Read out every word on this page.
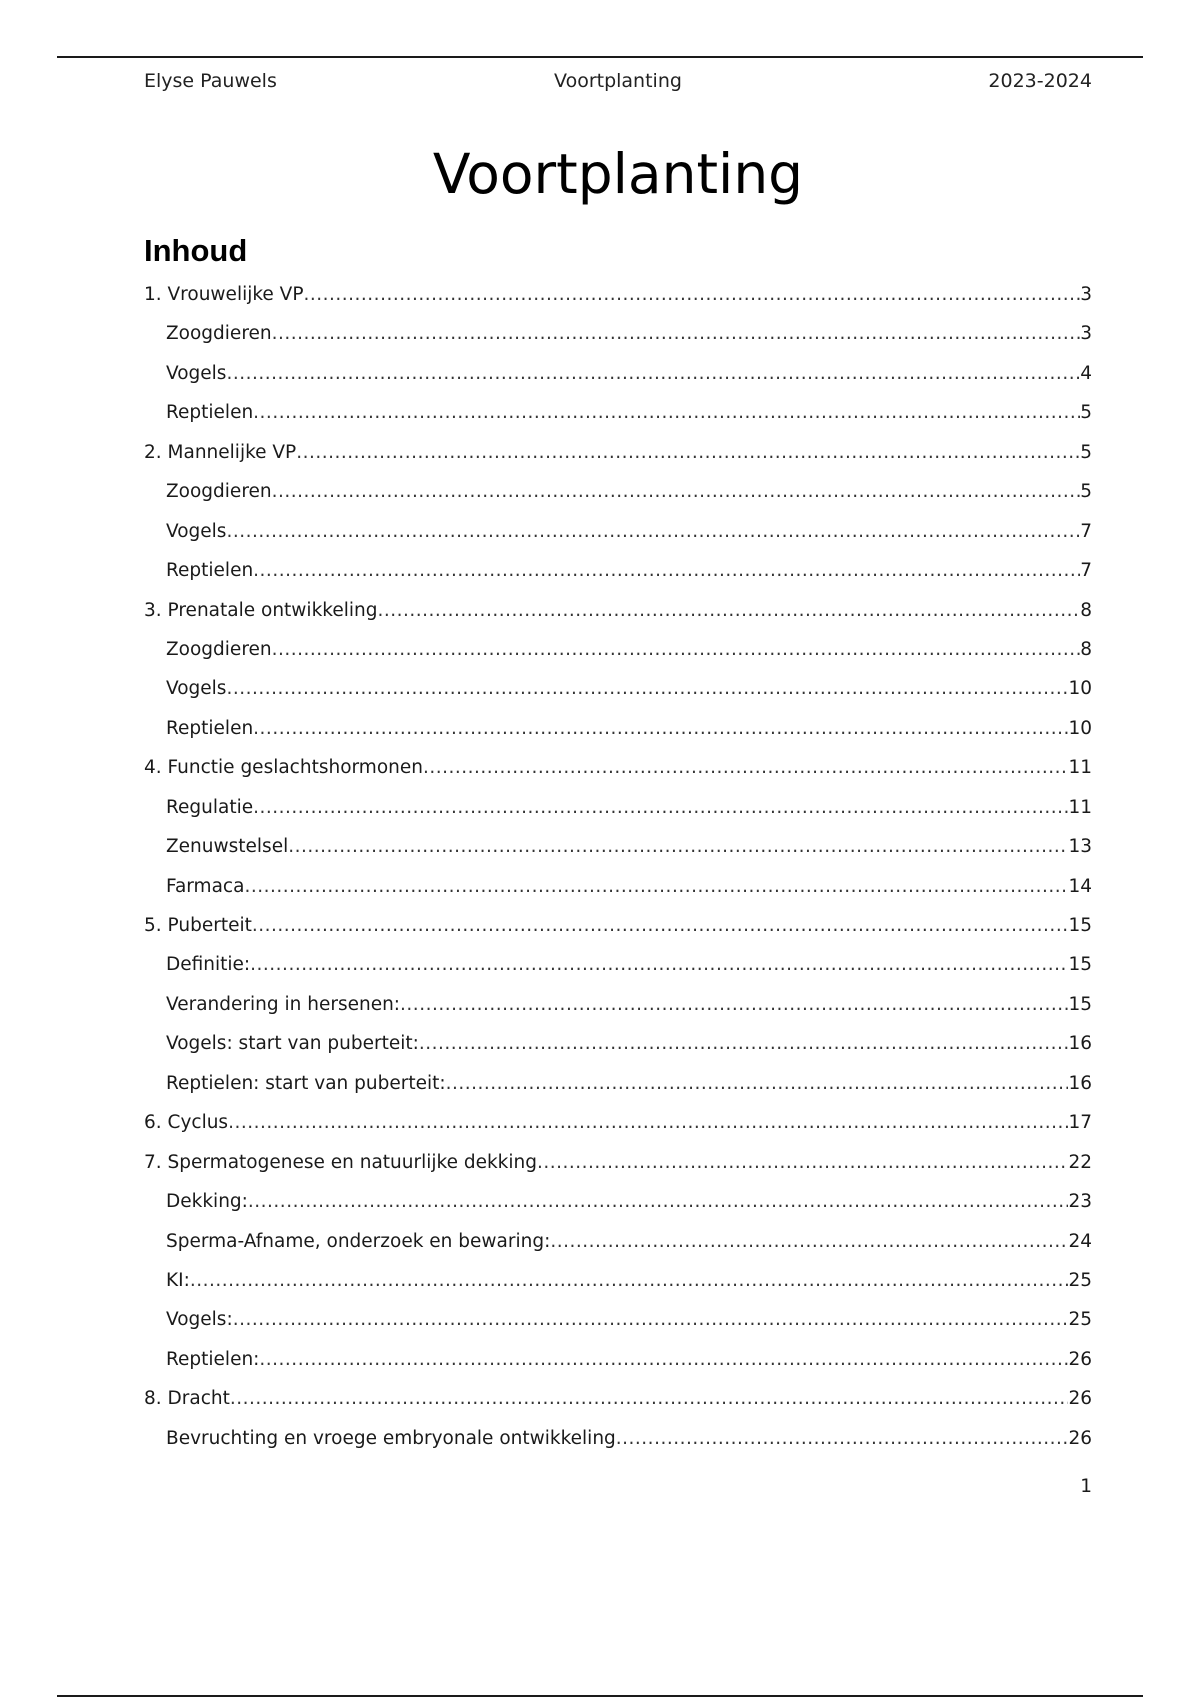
Elyse Pauwels	Voortplanting	2023-2024
Voortplanting
Inhoud
1. Vrouwelijke VP .....	3
Zoogdieren .....	3
Vogels .....	4
Reptielen .....	5
2. Mannelijke VP .....	5
Zoogdieren .....	5
Vogels .....	7
Reptielen .....	7
3. Prenatale ontwikkeling .....	8
Zoogdieren .....	8
Vogels .....	10
Reptielen .....	10
4. Functie geslachtshormonen .....	11
Regulatie .....	11
Zenuwstelsel .....	13
Farmaca .....	14
5. Puberteit .....	15
Definitie: .....	15
Verandering in hersenen: .....	15
Vogels: start van puberteit: .....	16
Reptielen: start van puberteit: .....	16
6. Cyclus .....	17
7. Spermatogenese en natuurlijke dekking .....	22
Dekking: .....	23
Sperma-Afname, onderzoek en bewaring: .....	24
KI: .....	25
Vogels: .....	25
Reptielen: .....	26
8. Dracht .....	26
Bevruchting en vroege embryonale ontwikkeling .....	26
1
